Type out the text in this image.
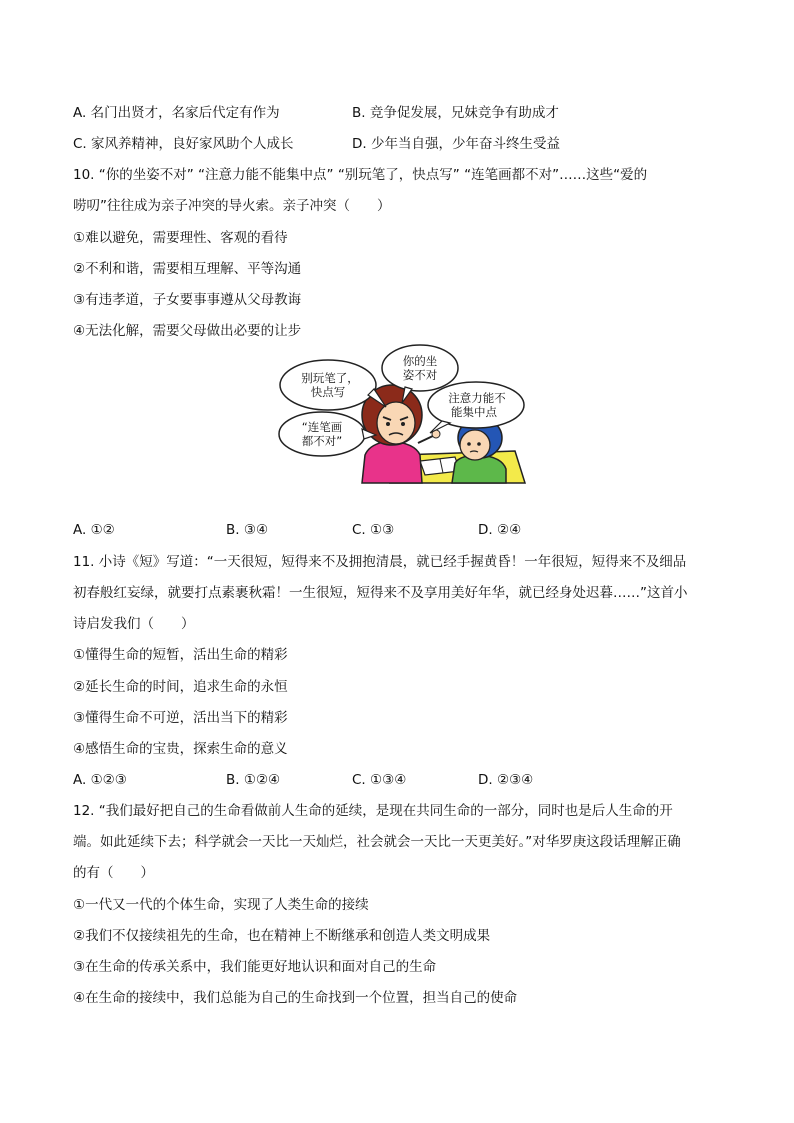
A. 名门出贤才，名家后代定有作为	B. 竞争促发展，兄妹竞争有助成才
C. 家风养精神，良好家风助个人成长	D. 少年当自强，少年奋斗终生受益
10. “你的坐姿不对” “注意力能不能集中点” “别玩笔了，快点写” “连笔画都不对”……这些“爱的
唠叨”往往成为亲子冲突的导火索。亲子冲突（　　）
①难以避免，需要理性、客观的看待
②不利和谐，需要相互理解、平等沟通
③有违孝道，子女要事事遵从父母教诲
④无法化解，需要父母做出必要的让步
你的坐
姿不对
别玩笔了，
快点写	注意力能不
能集中点
“连笔画
都不对”
A. ①②	B. ③④	C. ①③	D. ②④
11. 小诗《短》写道：“一天很短，短得来不及拥抱清晨，就已经手握黄昏！一年很短，短得来不及细品
初春般红妄绿，就要打点素裹秋霜！一生很短，短得来不及享用美好年华，就已经身处迟暮……”这首小
诗启发我们（　　）
①懂得生命的短暂，活出生命的精彩
②延长生命的时间，追求生命的永恒
③懂得生命不可逆，活出当下的精彩
④感悟生命的宝贵，探索生命的意义
A. ①②③	B. ①②④	C. ①③④	D. ②③④
12. “我们最好把自己的生命看做前人生命的延续，是现在共同生命的一部分，同时也是后人生命的开
端。如此延续下去；科学就会一天比一天灿烂，社会就会一天比一天更美好。”对华罗庚这段话理解正确
的有（　　）
①一代又一代的个体生命，实现了人类生命的接续
②我们不仅接续祖先的生命，也在精神上不断继承和创造人类文明成果
③在生命的传承关系中，我们能更好地认识和面对自己的生命
④在生命的接续中，我们总能为自己的生命找到一个位置，担当自己的使命
